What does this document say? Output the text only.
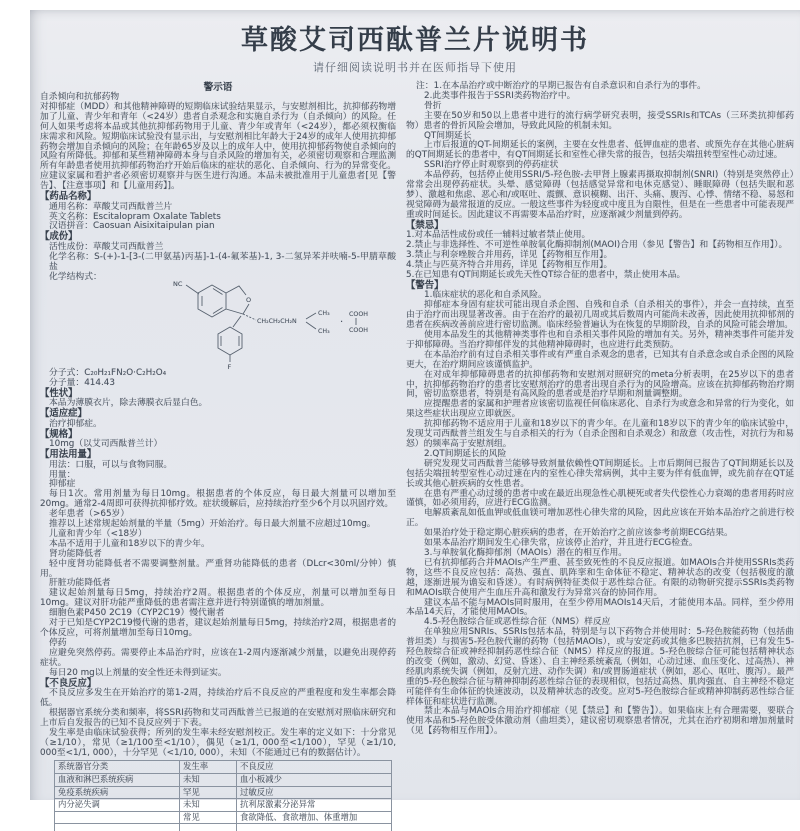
草酸艾司西酞普兰片说明书
请仔细阅读说明书并在医师指导下使用

警示语

自杀倾向和抗郁药物

对抑郁症（MDD）和其他精神障碍的短期临床试验结果显示，与安慰剂相比，抗抑郁药物增加了儿童、青少年和青年（<24岁）患者自杀观念和实施自杀行为（自杀倾向）的风险。任何人如果考虑将本品或其他抗抑郁药物用于儿童、青少年或青年（<24岁），都必须权衡临床需求和风险。短期临床试验没有显示出，与安慰剂相比年龄大于24岁的成年人使用抗抑郁药物会增加自杀倾向的风险；在年龄65岁及以上的成年人中，使用抗抑郁药物使自杀倾向的风险有所降低。抑郁和某些精神障碍本身与自杀风险的增加有关，必须密切观察和合理监测所有年龄患者使用抗抑郁药物治疗开始后临床的症状的恶化、自杀倾向、行为的异常变化。应建议家属和看护者必须密切观察并与医生进行沟通。本品未被批准用于儿童患者[见【警告】、【注意事项】和【儿童用药】]。

【药品名称】

通用名称：草酸艾司西酞普兰片

英文名称：Escitalopram Oxalate Tablets

汉语拼音：Caosuan Aisixitaipulan pian

【成份】

活性成份：草酸艾司西酞普兰

化学名称：S-(+)-1-[3-(二甲氨基)丙基]-1-(4-氟苯基)-1, 3-二氢异苯并呋喃-5-甲腈草酸盐

化学结构式：
NC
O
CH₂CH₂CH₂N
CH₃
CH₃
·
COOH
COOH
F

分子式：C₂₀H₂₁FN₂O·C₂H₂O₄

分子量：414.43

【性状】

本品为薄膜衣片，除去薄膜衣后显白色。

【适应症】

治疗抑郁症。

【规格】

10mg（以艾司西酞普兰计）

【用法用量】

用法：口服，可以与食物同服。

用量：

抑郁症

每日1次。常用剂量为每日10mg。根据患者的个体反应，每日最大剂量可以增加至20mg。通常2-4周即可获得抗抑郁疗效。症状缓解后，应持续治疗至少6个月以巩固疗效。

老年患者（>65岁）

推荐以上述常规起始剂量的半量（5mg）开始治疗。每日最大剂量不应超过10mg。

儿童和青少年（<18岁）

本品不适用于儿童和18岁以下的青少年。

肾功能降低者

轻中度肾功能降低者不需要调整剂量。严重肾功能降低的患者（DLcr<30ml/分钟）慎用。

肝脏功能降低者

建议起始剂量每日5mg，持续治疗2周。根据患者的个体反应，剂量可以增加至每日10mg。建议对肝功能严重降低的患者需注意并进行特别谨慎的增加剂量。

细胞色素P450 2C19（CYP2C19）慢代谢者

对于已知是CYP2C19慢代谢的患者，建议起始剂量每日5mg，持续治疗2周，根据患者的个体反应，可将剂量增加至每日10mg。

停药

应避免突然停药。需要停止本品治疗时，应该在1-2周内逐渐减少剂量，以避免出现停药症状。

每日20 mg以上剂量的安全性还未得到证实。

【不良反应】

不良反应多发生在开始治疗的第1-2周，持续治疗后不良反应的严重程度和发生率都会降低。

根据器官系统分类和频率，将SSRI药物和艾司西酞普兰已报道的在安慰剂对照临床研究和上市后自发报告的已知不良反应列于下表。

发生率是由临床试验获得；所列的发生率未经安慰剂校正。发生率的定义如下：十分常见（≥1/10），常见（≥1/100至<1/10），偶见（≥1/1, 000至<1/100），罕见（≥1/10, 000至<1/1, 000），十分罕见（<1/10, 000），未知（不能通过已有的数据估计）。

系统器官分类	发生率	不良反应
血液和淋巴系统疾病	未知	血小板减少
免疫系统疾病	罕见	过敏反应
内分泌失调	未知	抗利尿激素分泌异常
	常见	食欲降低、食欲增加、体重增加

注：1.在本品治疗或中断治疗的早期已报告有自杀意识和自杀行为的事件。

2.此类事件报告于SSRI类药物治疗中。

骨折

主要在50岁和50以上患者中进行的流行病学研究表明，接受SSRIs和TCAs（三环类抗抑郁药物）患者的骨折风险会增加，导致此风险的机制未知。

QT间期延长

上市后报道的QT-间期延长的案例，主要在女性患者、低钾血症的患者、或预先存在其他心脏病的QT间期延长的患者中，有QT间期延长和室性心律失常的报告，包括尖端扭转型室性心动过速。

SSRI治疗停止时观察到的停药症状

本品停药，包括停止使用SSRI/5-羟色胺-去甲肾上腺素再摄取抑制剂(SNRI)（特别是突然停止）常常会出现停药症状。头晕、感觉障碍（包括感觉异常和电休克感觉）、睡眠障碍（包括失眠和恶梦）、激越和焦虑、恶心和/或呕吐、震颤、意识模糊、出汗、头痛、腹泻、心悸、情绪不稳、易怒和视觉障碍为最常报道的反应。一般这些事件为轻度或中度且为自限性，但是在一些患者中可能表现严重或时间延长。因此建议不再需要本品治疗时，应逐渐减少剂量到停药。

【禁忌】

1.对本品活性成份或任一辅料过敏者禁止使用。

2.禁止与非选择性、不可逆性单胺氧化酶抑制剂(MAOI)合用（参见【警告】和【药物相互作用】）。

3.禁止与利奈唑胺合并用药，详见【药物相互作用】。

4.禁止与匹莫齐特合并用药，详见【药物相互作用】。

5.在已知患有QT间期延长或先天性QT综合征的患者中，禁止使用本品。

【警告】

1.临床症状的恶化和自杀风险。

抑郁症本身固有症状可能出现自杀企图、自残和自杀（自杀相关的事件），并会一直持续，直至由于治疗而出现显著改善。由于在治疗的最初几周或其后数周内可能尚未改善，因此使用抗抑郁剂的患者在疾病改善前应进行密切监测。临床经验普遍认为在恢复的早期阶段，自杀的风险可能会增加。

使用本品发生的其他精神类事件也和自杀相关事件风险的增加有关。另外，精神类事件可能并发于抑郁障碍。当治疗抑郁伴发的其他精神障碍时，也应进行此类预防。

在本品治疗前有过自杀相关事件或有严重自杀观念的患者，已知其有自杀意念或自杀企图的风险更大，在治疗期间应该谨慎监护。

在对成年抑郁障碍患者的抗抑郁药物和安慰剂对照研究的meta分析表明，在25岁以下的患者中，抗抑郁药物治疗的患者比安慰剂治疗的患者出现自杀行为的风险增高。应该在抗抑郁药物治疗期间，密切监察患者，特别是有高风险的患者或是治疗早期和剂量调整期。

应提醒患者的家属和护理者应该密切监视任何临床恶化、自杀行为或意念和异常的行为变化，如果这些症状出现应立即就医。

抗抑郁药物不适应用于儿童和18岁以下的青少年。在儿童和18岁以下的青少年的临床试验中，发现艾司西酞普兰组发生与自杀相关的行为（自杀企图和自杀观念）和敌意（攻击性，对抗行为和易怒）的频率高于安慰剂组。

2.QT间期延长的风险

研究发现艾司西酞普兰能够导致剂量依赖性QT间期延长。上市后期间已报告了QT间期延长以及包括尖端扭转型室性心动过速在内的室性心律失常病例，其中主要为伴有低血钾，或先前存在QT延长或其他心脏疾病的女性患者。

在患有严重心动过缓的患者中或在最近出现急性心肌梗死或者失代偿性心力衰竭的患者用药时应谨慎，如必须用药，应进行ECG监测。

电解质紊乱如低血钾或低血镁可增加恶性心律失常的风险，因此应该在开始本品治疗之前进行校正。

如果治疗处于稳定期心脏疾病的患者，在开始治疗之前应该参考前期ECG结果。

如果本品治疗期间发生心律失常，应该停止治疗，并且进行ECG检查。

3.与单胺氧化酶抑郁剂（MAOIs）潜在的相互作用。

已有抗抑郁药合并MAOIs产生严重、甚至致死性的不良反应报道。如MAOIs合并使用SSRIs类药物，这些不良反应包括：高热、强直、肌阵挛和生命体征不稳定、精神状态的改变（包括极度的激越，逐渐进展为谵妄和昏迷）。有时病例特征类似于恶性综合征。有限的动物研究提示SSRIs类药物和MAOIs联合使用产生血压升高和激发行为异常兴奋的协同作用。

建议本品不能与MAOIs同时服用，在至少停用MAOIs14天后，才能使用本品。同样，至少停用本品14天后，才能使用MAOIs。

4.5-羟色胺综合征或恶性综合征（NMS）样反应

在单独应用SNRIs、SSRIs包括本品，特别是与以下药物合并使用时：5-羟色胺能药物（包括曲普坦类）与损害5-羟色胺代谢的药物（包括MAOIs），或与安定药或其他多巴胺拮抗剂，已有发生5-羟色胺综合征或神经抑制药恶性综合征（NMS）样反应的报道。5-羟色胺综合征可能包括精神状态的改变（例如，激动、幻觉、昏迷）、自主神经系统紊乱（例如，心动过速、血压变化、过高热）、神经肌肉系统失调（例如，反射亢进、动作失调）和/或胃肠道症状（例如，恶心、呕吐、腹泻）。最严重的5-羟色胺综合征与精神抑制药恶性综合征的表现相似，包括过高热、肌肉强直、自主神经不稳定可能伴有生命体征的快速波动，以及精神状态的改变。应对5-羟色胺综合征或精神抑制药恶性综合征样体征和症状进行监测。

禁止本品与MAOIs合用治疗抑郁症（见【禁忌】和【警告】）。如果临床上有合理需要，要联合使用本品和5-羟色胺受体激动剂（曲坦类），建议密切观察患者情况，尤其在治疗初期和增加剂量时（见【药物相互作用】）。
